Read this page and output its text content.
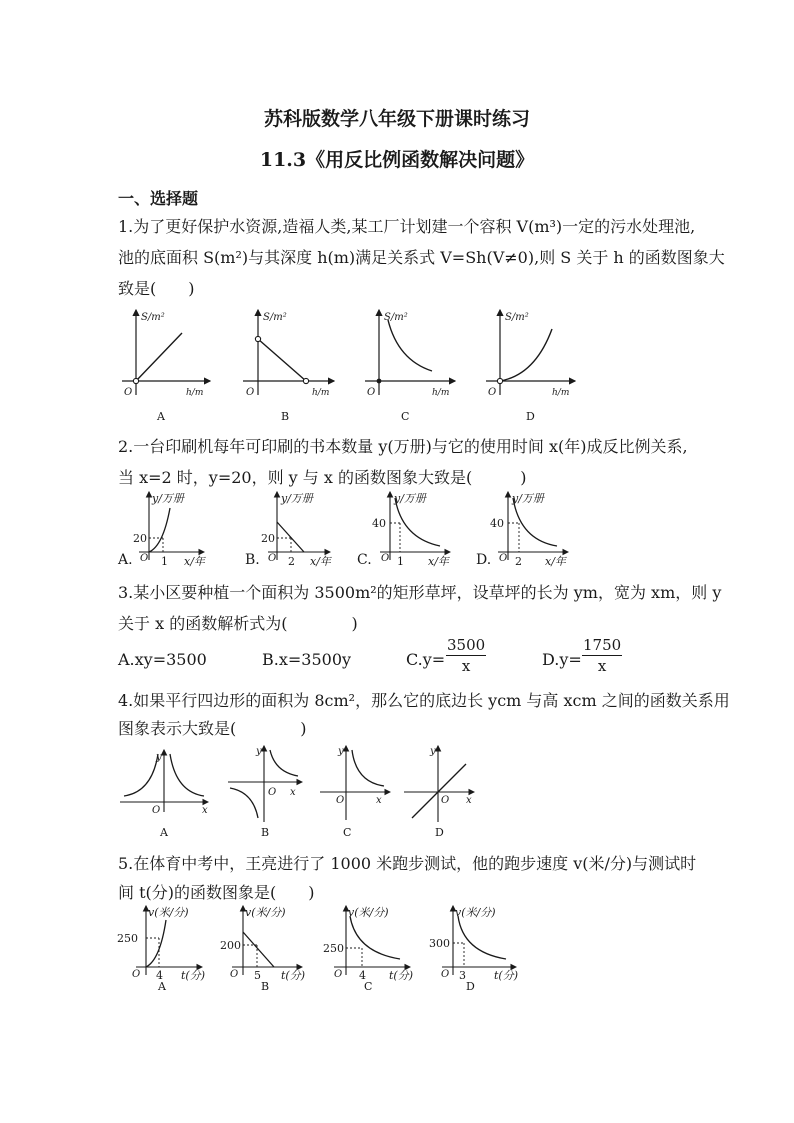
苏科版数学八年级下册课时练习
11.3《用反比例函数解决问题》
一、选择题
1.为了更好保护水资源,造福人类,某工厂计划建一个容积 V(m³)一定的污水处理池,
池的底面积 S(m²)与其深度 h(m)满足关系式 V=Sh(V≠0),则 S 关于 h 的函数图象大
致是(　　)
S/m²
h/m
O
A
S/m²
h/m
O
B
S/m²
h/m
O
C
S/m²
h/m
O
D
2.一台印刷机每年可印刷的书本数量 y(万册)与它的使用时间 x(年)成反比例关系,
当 x=2 时，y=20，则 y 与 x 的函数图象大致是(　　　)
A.
y/万册
x/年
O
20
1	B.
y/万册
x/年
O
20
2	C.
y/万册
x/年
O
40
1	D.
y/万册
x/年
O
40
2
3.某小区要种植一个面积为 3500m²的矩形草坪，设草坪的长为 ym，宽为 xm，则 y
关于 x 的函数解析式为(　　　　)
A.xy=3500	B.x=3500y	$C.y= \frac{3500}{x}$	$D.y= \frac{1750}{x}$
4.如果平行四边形的面积为 8cm²，那么它的底边长 ycm 与高 xcm 之间的函数关系用
图象表示大致是(　　　　)
y
x
O
A
y
x
O
B
y
x
O
C
y
x
O
D
5.在体育中考中，王亮进行了 1000 米跑步测试，他的跑步速度 v(米/分)与测试时
间 t(分)的函数图象是(　　)
v(米/分)
t(分)
O
250
4
A
v(米/分)
t(分)
O
200
5
B
v(米/分)
t(分)
O
250
4
C
v(米/分)
t(分)
O
300
3
D
